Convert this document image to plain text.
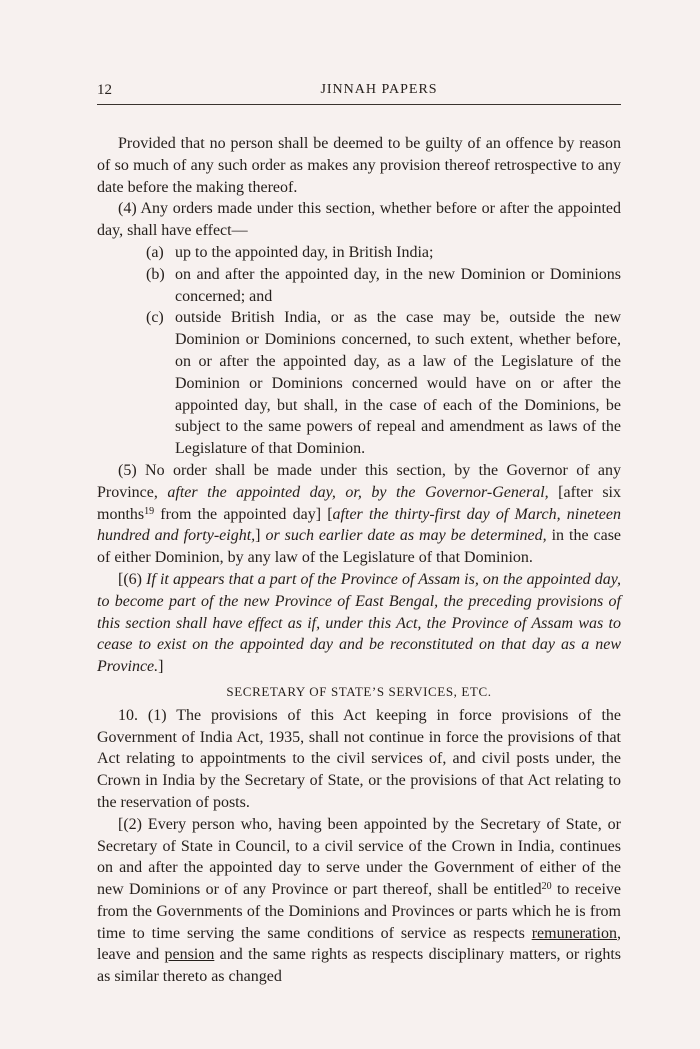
12	JINNAH PAPERS

Provided that no person shall be deemed to be guilty of an offence by reason of so much of any such order as makes any provision thereof retrospective to any date before the making thereof.

(4) Any orders made under this section, whether before or after the appointed day, shall have effect—

(a) up to the appointed day, in British India;

(b) on and after the appointed day, in the new Dominion or Dominions concerned; and

(c) outside British India, or as the case may be, outside the new Dominion or Dominions concerned, to such extent, whether before, on or after the appointed day, as a law of the Legislature of the Dominion or Dominions concerned would have on or after the appointed day, but shall, in the case of each of the Dominions, be subject to the same powers of repeal and amendment as laws of the Legislature of that Dominion.

(5) No order shall be made under this section, by the Governor of any Province, after the appointed day, or, by the Governor-General, [after six months$^{19}$ from the appointed day] [after the thirty-first day of March, nineteen hundred and forty-eight,] or such earlier date as may be determined, in the case of either Dominion, by any law of the Legislature of that Dominion.

[(6) If it appears that a part of the Province of Assam is, on the appointed day, to become part of the new Province of East Bengal, the preceding provisions of this section shall have effect as if, under this Act, the Province of Assam was to cease to exist on the appointed day and be reconstituted on that day as a new Province.]

SECRETARY OF STATE’S SERVICES, ETC.

10. (1) The provisions of this Act keeping in force provisions of the Government of India Act, 1935, shall not continue in force the provisions of that Act relating to appointments to the civil services of, and civil posts under, the Crown in India by the Secretary of State, or the provisions of that Act relating to the reservation of posts.

[(2) Every person who, having been appointed by the Secretary of State, or Secretary of State in Council, to a civil service of the Crown in India, continues on and after the appointed day to serve under the Government of either of the new Dominions or of any Province or part thereof, shall be entitled$^{20}$ to receive from the Governments of the Dominions and Provinces or parts which he is from time to time serving the same conditions of service as respects remuneration, leave and pension and the same rights as respects disciplinary matters, or rights as similar thereto as changed
